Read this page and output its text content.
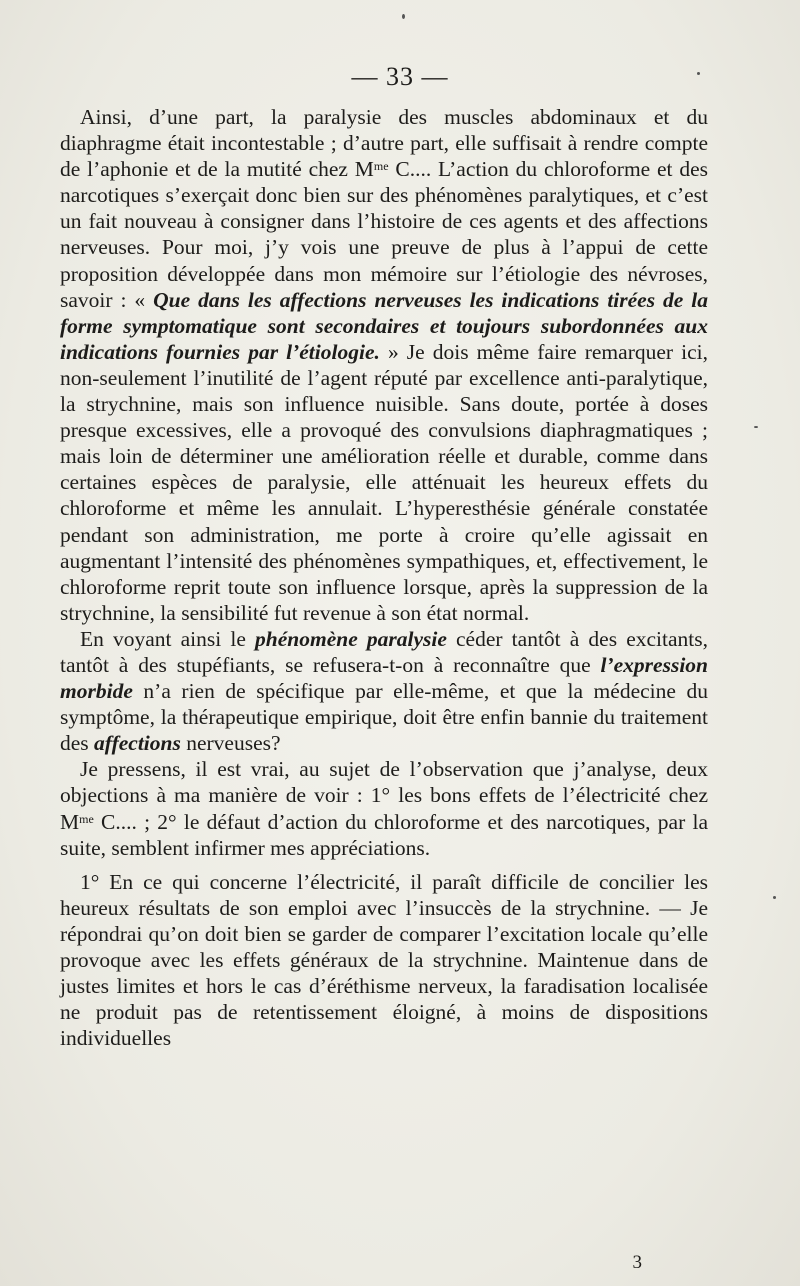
— 33 —

Ainsi, d’une part, la paralysie des muscles abdominaux et du diaphragme était incontestable ; d’autre part, elle suffisait à rendre compte de l’aphonie et de la mutité chez $M^{me}$ C.... L’action du chloroforme et des narcotiques s’exerçait donc bien sur des phénomènes paralytiques, et c’est un fait nouveau à consigner dans l’histoire de ces agents et des affections nerveuses. Pour moi, j’y vois une preuve de plus à l’appui de cette proposition développée dans mon mémoire sur l’étiologie des névroses, savoir : « Que dans les affections nerveuses les indications tirées de la forme symptomatique sont secondaires et toujours subordonnées aux indications fournies par l’étiologie. » Je dois même faire remarquer ici, non-seulement l’inutilité de l’agent réputé par excellence anti-paralytique, la strychnine, mais son influence nuisible. Sans doute, portée à doses presque excessives, elle a provoqué des convulsions diaphragmatiques ; mais loin de déterminer une amélioration réelle et durable, comme dans certaines espèces de paralysie, elle atténuait les heureux effets du chloroforme et même les annulait. L’hyperesthésie générale constatée pendant son administration, me porte à croire qu’elle agissait en augmentant l’intensité des phénomènes sympathiques, et, effectivement, le chloroforme reprit toute son influence lorsque, après la suppression de la strychnine, la sensibilité fut revenue à son état normal.

En voyant ainsi le phénomène paralysie céder tantôt à des excitants, tantôt à des stupéfiants, se refusera-t-on à reconnaître que l’expression morbide n’a rien de spécifique par elle-même, et que la médecine du symptôme, la thérapeutique empirique, doit être enfin bannie du traitement des affections nerveuses?

Je pressens, il est vrai, au sujet de l’observation que j’analyse, deux objections à ma manière de voir : 1° les bons effets de l’électricité chez $M^{me}$ C.... ; 2° le défaut d’action du chloroforme et des narcotiques, par la suite, semblent infirmer mes appréciations.

1° En ce qui concerne l’électricité, il paraît difficile de concilier les heureux résultats de son emploi avec l’insuccès de la strychnine. — Je répondrai qu’on doit bien se garder de comparer l’excitation locale qu’elle provoque avec les effets généraux de la strychnine. Maintenue dans de justes limites et hors le cas d’éréthisme nerveux, la faradisation localisée ne produit pas de retentissement éloigné, à moins de dispositions individuelles

3
